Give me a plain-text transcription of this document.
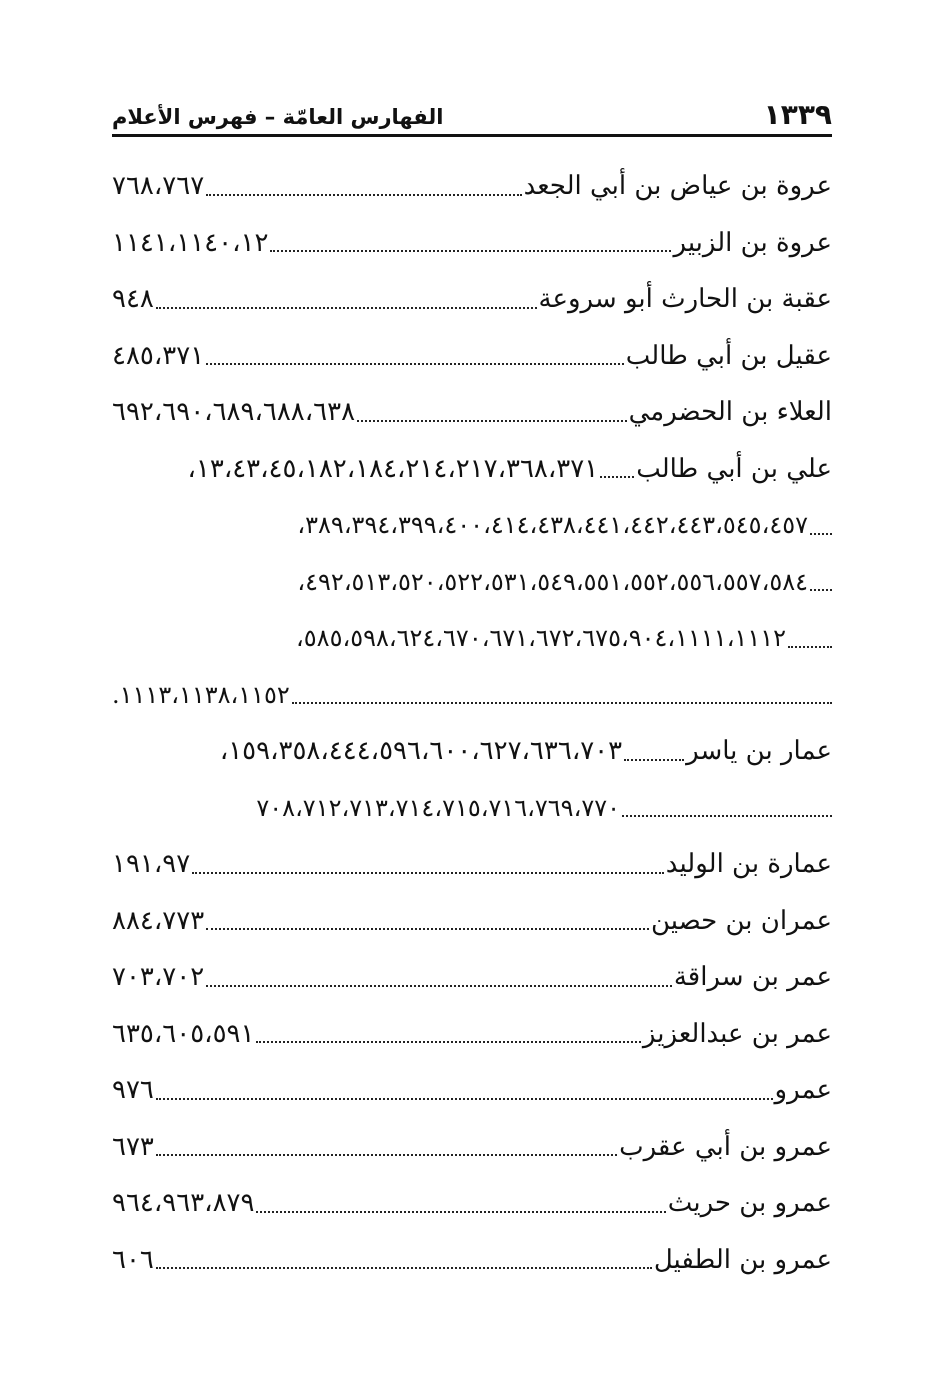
١٣٣٩
الفهارس العامّة – فهرس الأعلام
عروة بن عياض بن أبي الجعد
٧٦٨،٧٦٧
عروة بن الزبير
١١٤١،١١٤٠،١٢
عقبة بن الحارث أبو سروعة
٩٤٨
عقيل بن أبي طالب
٤٨٥،٣٧١
العلاء بن الحضرمي
٦٩٢،٦٩٠،٦٨٩،٦٨٨،٦٣٨
علي بن أبي طالب
١٣،٤٣،٤٥،١٨٢،١٨٤،٢١٤،٢١٧،٣٦٨،٣٧١،
٣٨٩،٣٩٤،٣٩٩،٤٠٠،٤١٤،٤٣٨،٤٤١،٤٤٢،٤٤٣،٥٤٥،٤٥٧،
٤٩٢،٥١٣،٥٢٠،٥٢٢،٥٣١،٥٤٩،٥٥١،٥٥٢،٥٥٦،٥٥٧،٥٨٤،
٥٨٥،٥٩٨،٦٢٤،٦٧٠،٦٧١،٦٧٢،٦٧٥،٩٠٤،١١١١،١١١٢،
١١١٣،١١٣٨،١١٥٢.
عمار بن ياسر
١٥٩،٣٥٨،٤٤٤،٥٩٦،٦٠٠،٦٢٧،٦٣٦،٧٠٣،
٧٠٨،٧١٢،٧١٣،٧١٤،٧١٥،٧١٦،٧٦٩،٧٧٠
عمارة بن الوليد
١٩١،٩٧
عمران بن حصين
٨٨٤،٧٧٣
عمر بن سراقة
٧٠٣،٧٠٢
عمر بن عبدالعزيز
٦٣٥،٦٠٥،٥٩١
عمرو
٩٧٦
عمرو بن أبي عقرب
٦٧٣
عمرو بن حريث
٩٦٤،٩٦٣،٨٧٩
عمرو بن الطفيل
٦٠٦
